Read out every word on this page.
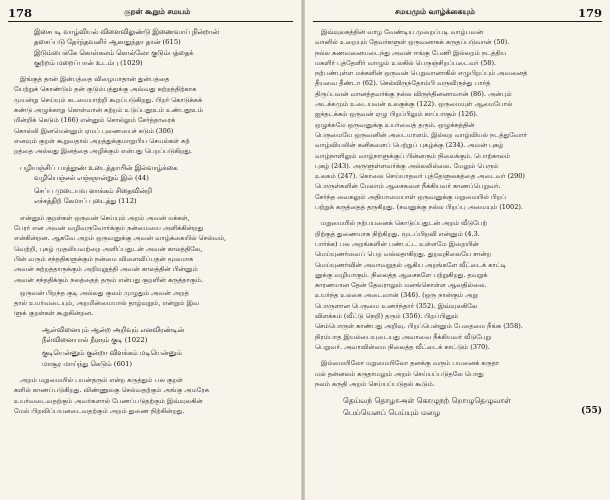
178	குறள் கூறும் சமயம்
இசைபடி வாழ்வியல் விளைவிலுண்டு இணைவாய் நின்றான்
தசைப்படு தேர்ந்தவனிர் ஆகாதுந்தா தான் (615)
இடும்பைக்கே கொள்கலம் கொல்லோ குடும்பத்தைக்
குற்றம் மறைப்பான் உடம்பு (1029)
இங்குத் தான் இன்பத்தை விழையாதான் துன்பத்தை
யேற்றுக் கொண்டும் தன் குடும்பத்துக்கு அவ்வது கற்றத்திற்காக
முயன்று செய்யும் கடமையாற்றி கூறப்படுகிறது. பிறர் கொடுக்கக்
கண்டு அழுக்காறு கொள்வான் சுற்றம் உடுப்பதூஉம் உண்பதூஉம்
மின்றிக் கெடும் (166) என்னும் சொல்லும் சேர்த்தாரைக்
கொல்லி இனமென்னும் ஏமப் புணையைச் சுடும் (306)
எனவும் குறள் கூறுவதால் அறத்துக்குமாறுபிய செயல்கள் சுற்
றத்தை அல்லது இனத்தை அழிக்கும் என்பது பெறப்படுகிறது.
பழியஞ்சிப் பாத்தூண் உடைத்தாயின் இல்வாழ்க்கை
வழியெஞ்சல் எஞ்ஞான்றும் இல் (44)
செப்ப முடையவ னாக்கம் சிதைவின்றி
எச்சத்திற் கேமாப் புடைத்து (112)
என்னும் குறள்கள் ஒருவன் செய்யும் அறம் அவன் மக்கள்,
பேரர் என அவன் வழிவருவோர்க்கும் நன்மையை அளிக்கின்றது
என்கின்றன. ஆகவே அறம் ஒருவனுக்கு அவன் வாழ்க்கையில் செல்வம்,
வெற்றி, புகழ் முதலியவற்றை அளிப்பதுடன் அவன் காலத்திலே,
பின் வரும் சந்ததிகளுக்கும் நன்மை விளைவிப்பதன் மூலமாக
அவன் சுற்றத்தாருக்கும் அறிவுறுத்தி அவன் காலத்தின் பின்னும்
அவன் சந்ததிக்கும் நலத்தைத் தரும் என்பது குறளின் கருத்தாகும்.
ஒருவன் பிறந்த குடி அல்லது குலம் முழுதும் அவன் அறத்
தால் உயர்வடையும், அறமின்மையால் தாழ்வுறும், என்றும் இவ
ளுக் குறள்கள் கூறுகின்றன.
ஆள்வினையும் ஆன்ற அறிவும் எனவிரண்டின்
நீள்வினையால் நீளும் குடி (1022)
குடியென்னும் குன்றா விளக்கம் மடியென்னும்
மாசூர மாய்ந்து கெடும் (601)
அறம் மறுமையில் பயன்தரும் என்ற கருத்தும் பல குறள்
களில் காணப்படுகிறது. விண்ணுலகு செல்வதற்கும் அங்கு அமரேசு
உயர்வடைவதற்கும் அவர்களால் பேணப்படுதற்கும் இவ்வுலகின்
மேல் பிறவிப்பயனடைவதற்கும் அறம் துணை நிற்கின்றது.
சமயமும் வாழ்க்கையும்	179
இவ்வுலகத்தின் வாழ வேண்டிய முறைப்படி வாழ்பவன்
வானில் உறையும் தேவர்களுள் ஒருவனாகக் கருதப்படுவான் (50).
நல்ல கணவனையடைந்து அவன் ஈங்கு பேணி இல்லறம் நடத்திய
மகளிர் புத்தேளிர் வாழும் உலகில் பெருஞ்சிறப்படைவர் (58).
நற்பண்புள்ள மக்களின் ஒருவன் பெறுவானாகில் எழுபிறப்பும் அவனைத்
தீயவை தீண்டா (62). செல்விருந்தோம்பி வருவிருந்து பார்த்
திருப்பவன் வானத்தவர்க்கு நல்ல விருந்தினனாவான் (86). அன்பும்
அடக்கமும் உடையவன் உலகுக்கு (122). ஒருமையுள் ஆமைபோல்
ஐந்தடக்கம் ஒருவன் ஏழு பிறப்பிலும் காப்பாகும் (126).
ஒழுக்கமே ஒருவனுக்கு உயர்வைத் தரும். ஒழுக்கத்தின்
பெருமையே ஒருவனின் அடையாளம். இல்லற வாழ்வியல் நடத்துவோர்
வாழ்வியலின் கனிகளைப் பெற்றுப் புகழ்க்கு (234). அவன் புகழ்
வாழ்நாளிலும் வாழ்நாளுக்குப் பின்னரும் நிலைக்கும். பொற்காலம்
புகழ் (243). அருளுள்ளவர்க்கு அல்லலில்லை. மேலும் பெரும்
உலகம் (247). கொலை செய்யாதவர் புத்தேளுலகத்தை அடைவர் (290)
பொருள்களின் மேலாம் ஆசைகளை நீக்கியவர் காணப்பெறுவர்.
சேர்ந்த வைகலும் அதியாமையாள் ஒருவனுக்கு மறுமையில் பிறப்
பற்றுக் கருத்தைத் தருகிறது. (சவனுக்கு நல்ல பிறப்பு அமையும் (1002).
மறுமையில் நற்பயனைக் கொடுப்பதுடன் அறம் வீடுபேற்
றிற்குத் துணையாக நிற்கிறது. மூடப்பிறவி என்னும் (4.3.
பார்க்க) பல அறங்களின் பண்பட்ட உள்ளமே இறையின்
மெய்யுணர்வைப் பெற வல்லதாகிறது. துறவுநிலையே சான்ற
மெய்யுணர்வின் அவாவறுதல் ஆகிய அறங்களே வீட்டைக் காட்டி
னுக்கு வழியாகும். நிலைத்த ஆசைகளே பற்றுகிறது. தவறுக்
காரணமான தேன் தேவராலும் மனங்கொள்ள ஆவதில்லை.
உயர்ந்த உலகை அடைவான் (346). (ஒரு நான்கும் அறு
பொருளான பெருமை உணர்ந்தார் (352). இவ்வுலகிலே
விளக்கம் (வீட்டு நெறி) தரும் (356). பிறப்பினும்
செம்பொருள் காண்பது அறிவு. பிறப்பென்னும் பேதைமை நீங்க (358).
நிரம்பாத இயல்பையுடையது அவாவை நீக்கியவர் வீடுபேறு
பெறுவர். அவாவின்மை நிலைத்த வீட்டைக் காட்டும் (370).
இம்மையிலோ மறுமையிலோ தனக்கு வரும் பயனைக் கருதா
மல் தன்னலம் கருதாமலும் அறம் செய்யப்படுதலே பொது
நலம் கருதி அறம் செய்யப்படுதல் கூடும்.
தெய்வந் தொழாஅள் கொழுநற் றொழுதெழுவாள்
பெய்யெனப் பெய்யும் மழை	(55)
